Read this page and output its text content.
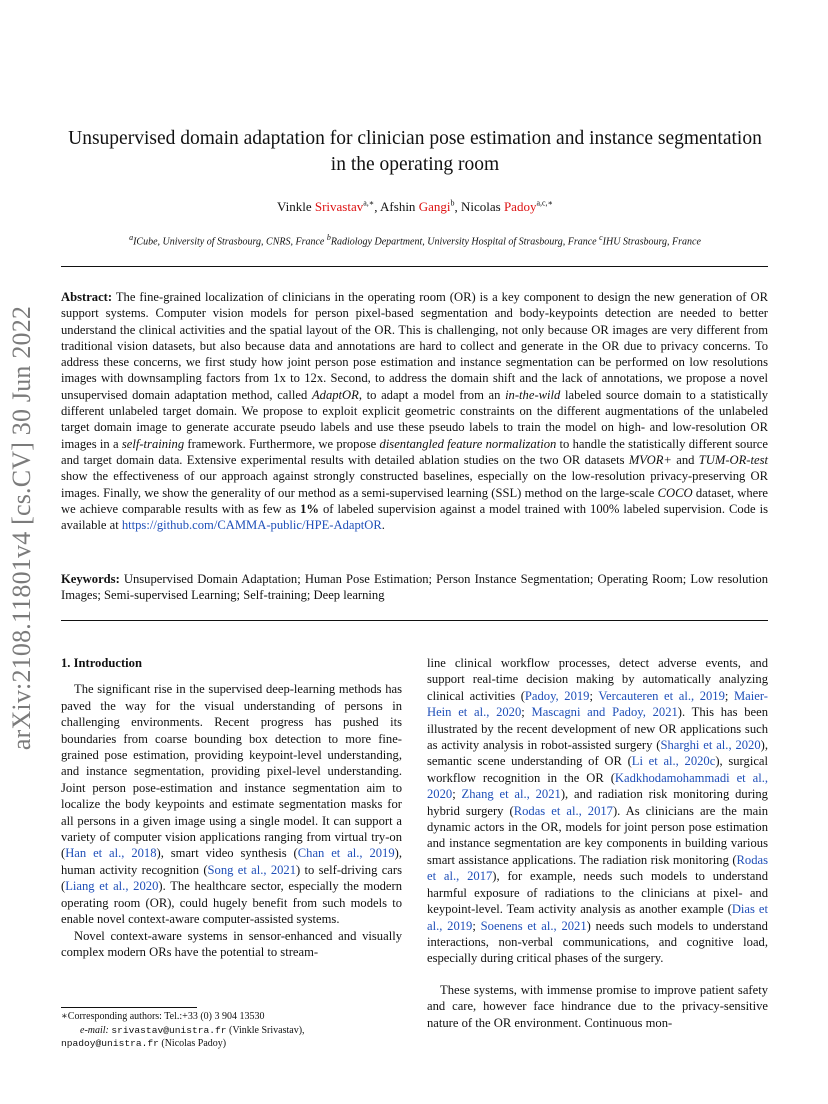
arXiv:2108.11801v4 [cs.CV] 30 Jun 2022
Unsupervised domain adaptation for clinician pose estimation and instance segmentation in the operating room
Vinkle Srivastav$^{a,∗}$, Afshin Gangi$^b$, Nicolas Padoy$^{a,c,∗}$
$^a$ICube, University of Strasbourg, CNRS, France $^b$Radiology Department, University Hospital of Strasbourg, France $^c$IHU Strasbourg, France
Abstract: The fine-grained localization of clinicians in the operating room (OR) is a key component to design the new generation of OR support systems. Computer vision models for person pixel-based segmentation and body-keypoints detection are needed to better understand the clinical activities and the spatial layout of the OR. This is challenging, not only because OR images are very different from traditional vision datasets, but also because data and annotations are hard to collect and generate in the OR due to privacy concerns. To address these concerns, we first study how joint person pose estimation and instance segmentation can be performed on low resolutions images with downsampling factors from 1x to 12x. Second, to address the domain shift and the lack of annotations, we propose a novel unsupervised domain adaptation method, called AdaptOR, to adapt a model from an in-the-wild labeled source domain to a statistically different unlabeled target domain. We propose to exploit explicit geometric constraints on the different augmentations of the unlabeled target domain image to generate accurate pseudo labels and use these pseudo labels to train the model on high- and low-resolution OR images in a self-training framework. Furthermore, we propose disentangled feature normalization to handle the statistically different source and target domain data. Extensive experimental results with detailed ablation studies on the two OR datasets MVOR+ and TUM-OR-test show the effectiveness of our approach against strongly constructed baselines, especially on the low-resolution privacy-preserving OR images. Finally, we show the generality of our method as a semi-supervised learning (SSL) method on the large-scale COCO dataset, where we achieve comparable results with as few as 1% of labeled supervision against a model trained with 100% labeled supervision. Code is available at https://github.com/CAMMA-public/HPE-AdaptOR.
Keywords: Unsupervised Domain Adaptation; Human Pose Estimation; Person Instance Segmentation; Operating Room; Low resolution Images; Semi-supervised Learning; Self-training; Deep learning
1. Introduction

The significant rise in the supervised deep-learning methods has paved the way for the visual understanding of persons in challenging environments. Recent progress has pushed its boundaries from coarse bounding box detection to more fine-grained pose estimation, providing keypoint-level understanding, and instance segmentation, providing pixel-level understanding. Joint person pose-estimation and instance segmentation aim to localize the body keypoints and estimate segmentation masks for all persons in a given image using a single model. It can support a variety of computer vision applications ranging from virtual try-on (Han et al., 2018), smart video synthesis (Chan et al., 2019), human activity recognition (Song et al., 2021) to self-driving cars (Liang et al., 2020). The healthcare sector, especially the modern operating room (OR), could hugely benefit from such models to enable novel context-aware computer-assisted systems.

Novel context-aware systems in sensor-enhanced and visually complex modern ORs have the potential to stream-

line clinical workflow processes, detect adverse events, and support real-time decision making by automatically analyzing clinical activities (Padoy, 2019; Vercauteren et al., 2019; Maier-Hein et al., 2020; Mascagni and Padoy, 2021). This has been illustrated by the recent development of new OR applications such as activity analysis in robot-assisted surgery (Sharghi et al., 2020), semantic scene understanding of OR (Li et al., 2020c), surgical workflow recognition in the OR (Kadkhodamohammadi et al., 2020; Zhang et al., 2021), and radiation risk monitoring during hybrid surgery (Rodas et al., 2017). As clinicians are the main dynamic actors in the OR, models for joint person pose estimation and instance segmentation are key components in building various smart assistance applications. The radiation risk monitoring (Rodas et al., 2017), for example, needs such models to understand harmful exposure of radiations to the clinicians at pixel- and keypoint-level. Team activity analysis as another example (Dias et al., 2019; Soenens et al., 2021) needs such models to understand interactions, non-verbal communications, and cognitive load, especially during critical phases of the surgery.

These systems, with immense promise to improve patient safety and care, however face hindrance due to the privacy-sensitive nature of the OR environment. Continuous mon-

∗Corresponding authors: Tel.:+33 (0) 3 904 13530
e-mail: srivastav@unistra.fr (Vinkle Srivastav),
npadoy@unistra.fr (Nicolas Padoy)
